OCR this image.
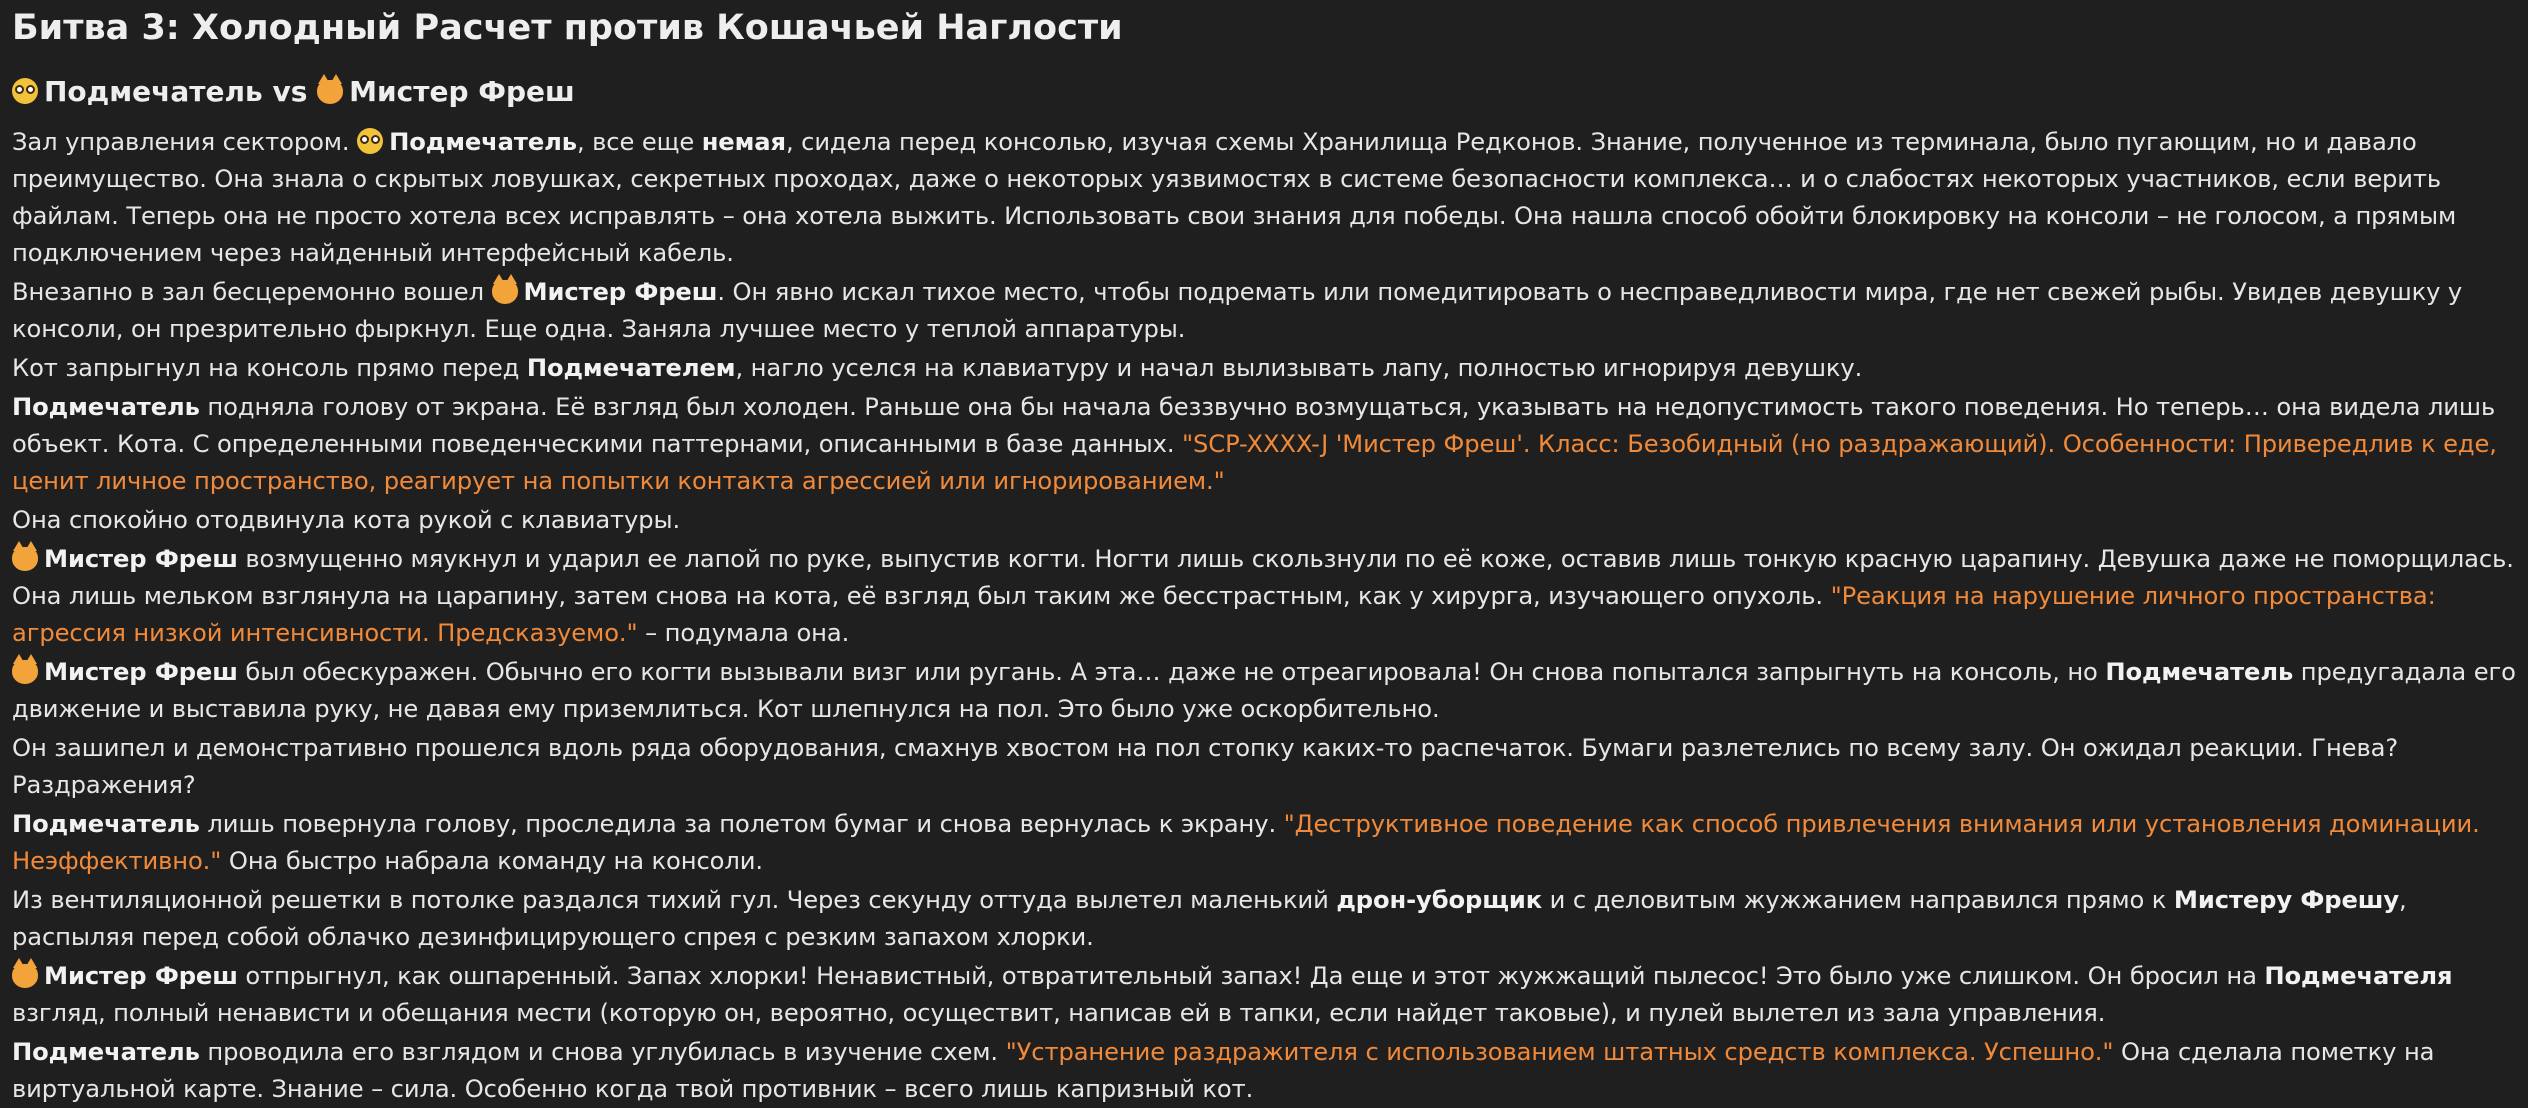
Битва 3: Холодный Расчет против Кошачьей Наглости
Подмечатель vs Мистер Фреш

Зал управления сектором. Подмечатель, все еще немая, сидела перед консолью, изучая схемы Хранилища Редконов. Знание, полученное из терминала, было пугающим, но и давало преимущество. Она знала о скрытых ловушках, секретных проходах, даже о некоторых уязвимостях в системе безопасности комплекса… и о слабостях некоторых участников, если верить файлам. Теперь она не просто хотела всех исправлять – она хотела выжить. Использовать свои знания для победы. Она нашла способ обойти блокировку на консоли – не голосом, а прямым подключением через найденный интерфейсный кабель.

Внезапно в зал бесцеремонно вошел Мистер Фреш. Он явно искал тихое место, чтобы подремать или помедитировать о несправедливости мира, где нет свежей рыбы. Увидев девушку у консоли, он презрительно фыркнул. Еще одна. Заняла лучшее место у теплой аппаратуры.

Кот запрыгнул на консоль прямо перед Подмечателем, нагло уселся на клавиатуру и начал вылизывать лапу, полностью игнорируя девушку.

Подмечатель подняла голову от экрана. Её взгляд был холоден. Раньше она бы начала беззвучно возмущаться, указывать на недопустимость такого поведения. Но теперь… она видела лишь объект. Кота. С определенными поведенческими паттернами, описанными в базе данных. "SCP-XXXX-J 'Мистер Фреш'. Класс: Безобидный (но раздражающий). Особенности: Привередлив к еде, ценит личное пространство, реагирует на попытки контакта агрессией или игнорированием."

Она спокойно отодвинула кота рукой с клавиатуры.

Мистер Фреш возмущенно мяукнул и ударил ее лапой по руке, выпустив когти. Ногти лишь скользнули по её коже, оставив лишь тонкую красную царапину. Девушка даже не поморщилась. Она лишь мельком взглянула на царапину, затем снова на кота, её взгляд был таким же бесстрастным, как у хирурга, изучающего опухоль. "Реакция на нарушение личного пространства: агрессия низкой интенсивности. Предсказуемо." – подумала она.

Мистер Фреш был обескуражен. Обычно его когти вызывали визг или ругань. А эта… даже не отреагировала! Он снова попытался запрыгнуть на консоль, но Подмечатель предугадала его движение и выставила руку, не давая ему приземлиться. Кот шлепнулся на пол. Это было уже оскорбительно.

Он зашипел и демонстративно прошелся вдоль ряда оборудования, смахнув хвостом на пол стопку каких-то распечаток. Бумаги разлетелись по всему залу. Он ожидал реакции. Гнева? Раздражения?

Подмечатель лишь повернула голову, проследила за полетом бумаг и снова вернулась к экрану. "Деструктивное поведение как способ привлечения внимания или установления доминации. Неэффективно." Она быстро набрала команду на консоли.

Из вентиляционной решетки в потолке раздался тихий гул. Через секунду оттуда вылетел маленький дрон-уборщик и с деловитым жужжанием направился прямо к Мистеру Фрешу, распыляя перед собой облачко дезинфицирующего спрея с резким запахом хлорки.

Мистер Фреш отпрыгнул, как ошпаренный. Запах хлорки! Ненавистный, отвратительный запах! Да еще и этот жужжащий пылесос! Это было уже слишком. Он бросил на Подмечателя взгляд, полный ненависти и обещания мести (которую он, вероятно, осуществит, написав ей в тапки, если найдет таковые), и пулей вылетел из зала управления.

Подмечатель проводила его взглядом и снова углубилась в изучение схем. "Устранение раздражителя с использованием штатных средств комплекса. Успешно." Она сделала пометку на виртуальной карте. Знание – сила. Особенно когда твой противник – всего лишь капризный кот.
